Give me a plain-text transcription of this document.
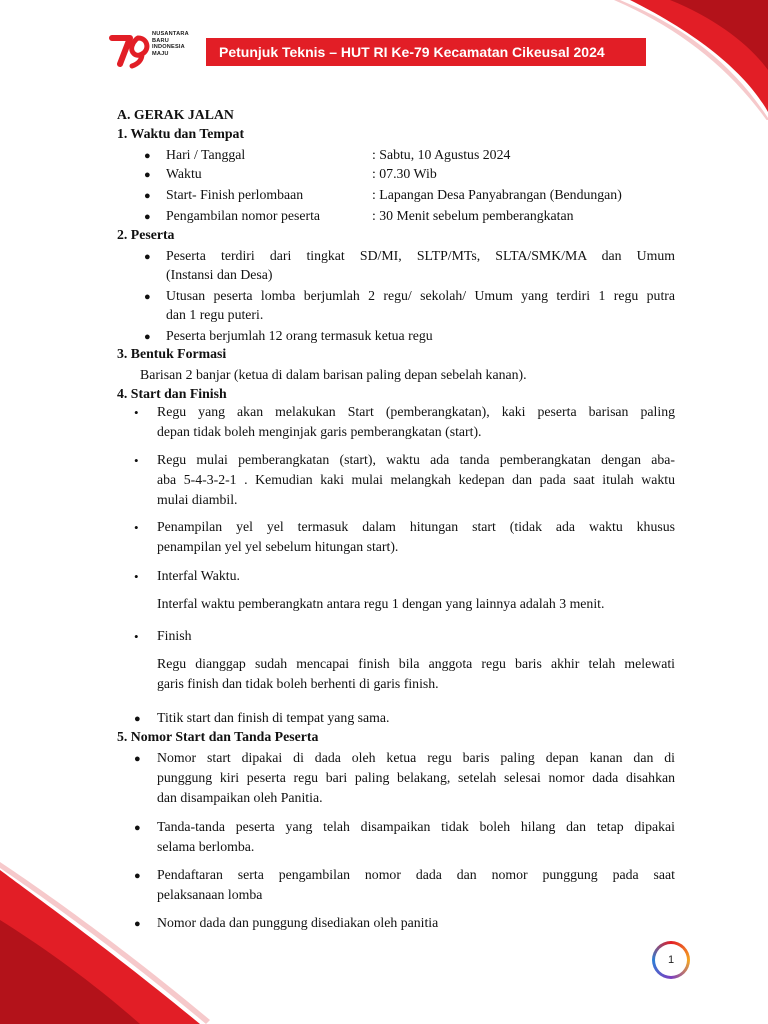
NUSANTARA
BARU
INDONESIA
MAJU	Petunjuk Teknis – HUT RI Ke-79 Kecamatan Cikeusal 2024
A. GERAK JALAN
1. Waktu dan Tempat
● Hari / Tanggal	: Sabtu, 10 Agustus 2024
● Waktu	: 07.30 Wib
● Start- Finish perlombaan	: Lapangan Desa Panyabrangan (Bendungan)
● Pengambilan nomor peserta	: 30 Menit sebelum pemberangkatan
2. Peserta
● Peserta terdiri dari tingkat SD/MI, SLTP/MTs, SLTA/SMK/MA dan Umum
(Instansi dan Desa)
● Utusan peserta lomba berjumlah 2 regu/ sekolah/ Umum yang terdiri 1 regu putra
dan 1 regu puteri.
● Peserta berjumlah 12 orang termasuk ketua regu
3. Bentuk Formasi
Barisan 2 banjar (ketua di dalam barisan paling depan sebelah kanan).
4. Start dan Finish
• Regu yang akan melakukan Start (pemberangkatan), kaki peserta barisan paling
depan tidak boleh menginjak garis pemberangkatan (start).
• Regu mulai pemberangkatan (start), waktu ada tanda pemberangkatan dengan aba-
aba 5-4-3-2-1 . Kemudian kaki mulai melangkah kedepan dan pada saat itulah waktu
mulai diambil.
• Penampilan yel yel termasuk dalam hitungan start (tidak ada waktu khusus
penampilan yel yel sebelum hitungan start).
• Interfal Waktu.
Interfal waktu pemberangkatn antara regu 1 dengan yang lainnya adalah 3 menit.
• Finish
Regu dianggap sudah mencapai finish bila anggota regu baris akhir telah melewati
garis finish dan tidak boleh berhenti di garis finish.
● Titik start dan finish di tempat yang sama.
5. Nomor Start dan Tanda Peserta
● Nomor start dipakai di dada oleh ketua regu baris paling depan kanan dan di
punggung kiri peserta regu bari paling belakang, setelah selesai nomor dada disahkan
dan disampaikan oleh Panitia.
● Tanda-tanda peserta yang telah disampaikan tidak boleh hilang dan tetap dipakai
selama berlomba.
● Pendaftaran serta pengambilan nomor dada dan nomor punggung pada saat
pelaksanaan lomba
● Nomor dada dan punggung disediakan oleh panitia
1
